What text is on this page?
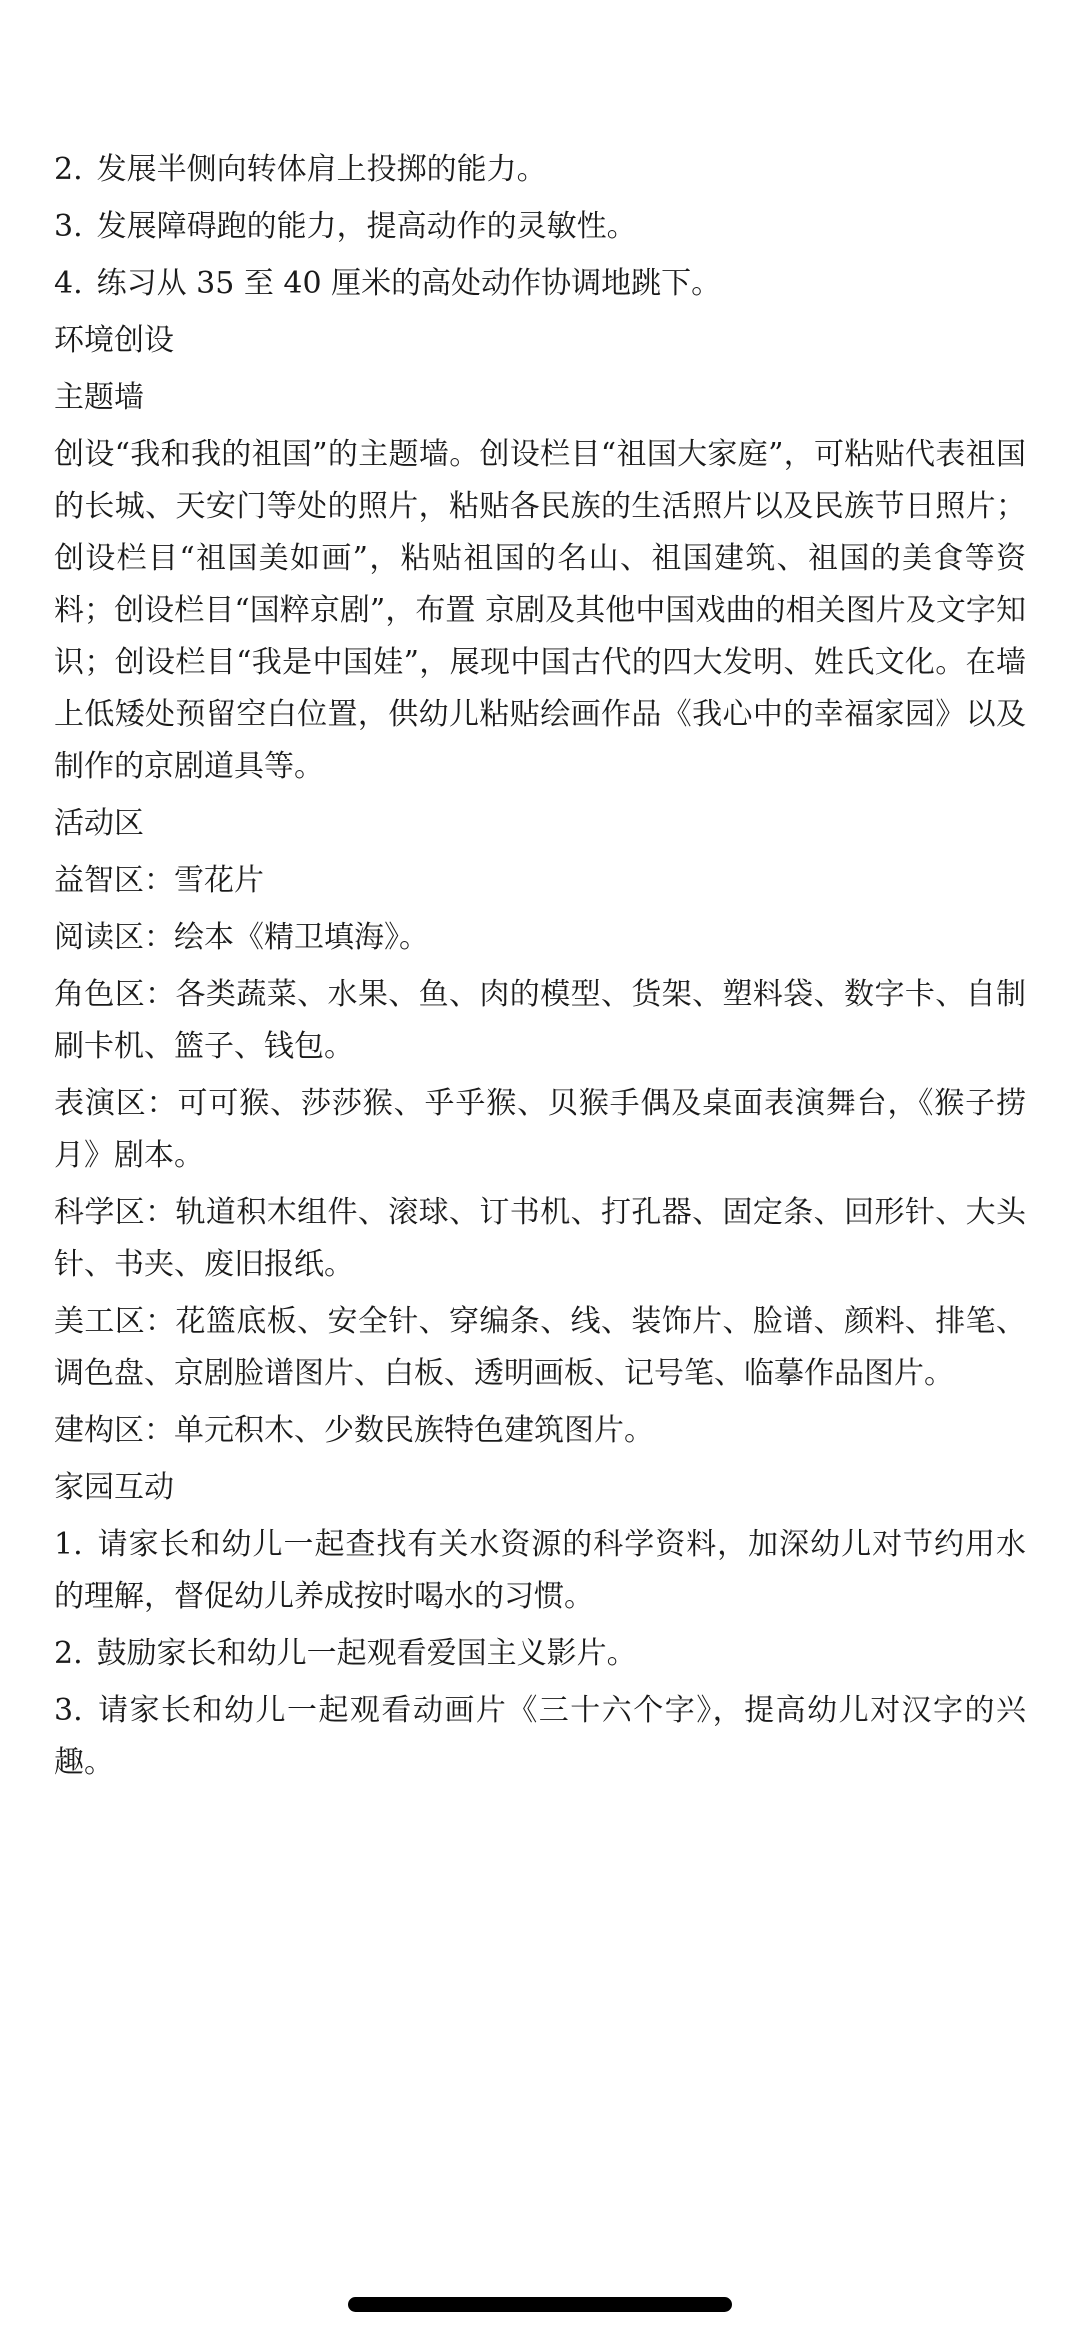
2. 发展半侧向转体肩上投掷的能力。

3. 发展障碍跑的能力，提高动作的灵敏性。

4. 练习从 35 至 40 厘米的高处动作协调地跳下。

环境创设

主题墙

创设“我和我的祖国”的主题墙。创设栏目“祖国大家庭”，可粘贴代表祖国的长城、天安门等处的照片，粘贴各民族的生活照片以及民族节日照片；创设栏目“祖国美如画”，粘贴祖国的名山、祖国建筑、祖国的美食等资料；创设栏目“国粹京剧”，布置 京剧及其他中国戏曲的相关图片及文字知识；创设栏目“我是中国娃”，展现中国古代的四大发明、姓氏文化。在墙上低矮处预留空白位置，供幼儿粘贴绘画作品《我心中的幸福家园》以及制作的京剧道具等。

活动区

益智区：雪花片

阅读区：绘本《精卫填海》。

角色区：各类蔬菜、水果、鱼、肉的模型、货架、塑料袋、数字卡、自制刷卡机、篮子、钱包。

表演区：可可猴、莎莎猴、乎乎猴、贝猴手偶及桌面表演舞台，《猴子捞月》剧本。

科学区：轨道积木组件、滚球、订书机、打孔器、固定条、回形针、大头针、书夹、废旧报纸。

美工区：花篮底板、安全针、穿编条、线、装饰片、脸谱、颜料、排笔、调色盘、京剧脸谱图片、白板、透明画板、记号笔、临摹作品图片。

建构区：单元积木、少数民族特色建筑图片。

家园互动

1. 请家长和幼儿一起查找有关水资源的科学资料，加深幼儿对节约用水的理解，督促幼儿养成按时喝水的习惯。

2. 鼓励家长和幼儿一起观看爱国主义影片。

3. 请家长和幼儿一起观看动画片《三十六个字》，提高幼儿对汉字的兴趣。
